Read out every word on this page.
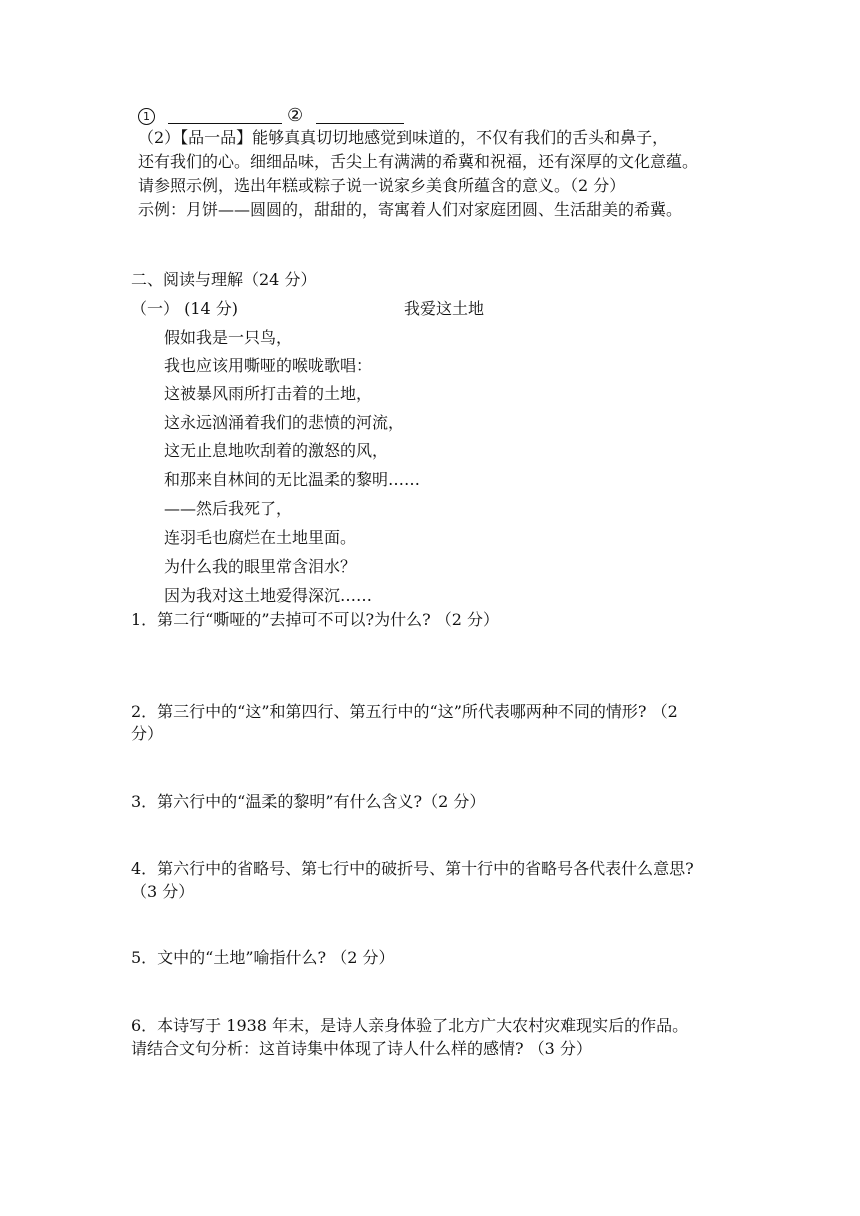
1	②
（2）【品一品】能够真真切切地感觉到味道的，不仅有我们的舌头和鼻子，
还有我们的心。细细品味，舌尖上有满满的希冀和祝福，还有深厚的文化意蕴。
请参照示例，选出年糕或粽子说一说家乡美食所蕴含的意义。（2 分）
示例：月饼——圆圆的，甜甜的，寄寓着人们对家庭团圆、生活甜美的希冀。
二、阅读与理解（24 分）
（一） (14 分)	我爱这土地
假如我是一只鸟，
我也应该用嘶哑的喉咙歌唱：
这被暴风雨所打击着的土地，
这永远汹涌着我们的悲愤的河流，
这无止息地吹刮着的激怒的风，
和那来自林间的无比温柔的黎明……
——然后我死了，
连羽毛也腐烂在土地里面。
为什么我的眼里常含泪水？
因为我对这土地爱得深沉……
1．第二行“嘶哑的”去掉可不可以?为什么? （2 分）
2．第三行中的“这”和第四行、第五行中的“这”所代表哪两种不同的情形? （2
分）
3．第六行中的“温柔的黎明”有什么含义?（2 分）
4．第六行中的省略号、第七行中的破折号、第十行中的省略号各代表什么意思?
（3 分）
5．文中的“土地”喻指什么? （2 分）
6．本诗写于 1938 年末，是诗人亲身体验了北方广大农村灾难现实后的作品。
请结合文句分析：这首诗集中体现了诗人什么样的感情? （3 分）
